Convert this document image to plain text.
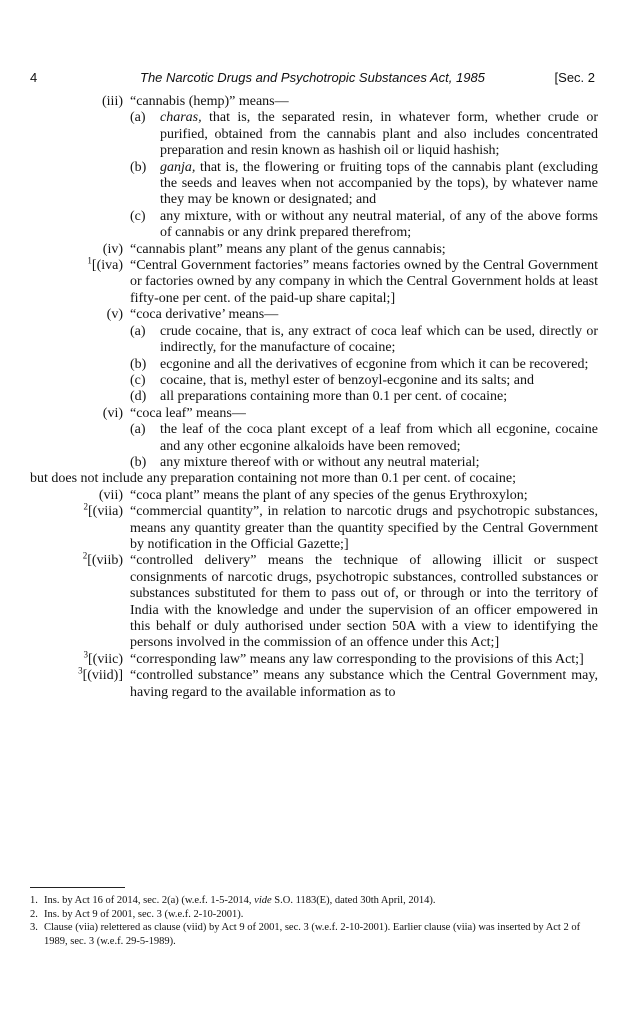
4	The Narcotic Drugs and Psychotropic Substances Act, 1985	[Sec. 2
(iii) “cannabis (hemp)” means—
(a)	charas, that is, the separated resin, in whatever form, whether crude or purified, obtained from the cannabis plant and also includes concentrated preparation and resin known as hashish oil or liquid hashish;
(b) ganja, that is, the flowering or fruiting tops of the cannabis plant (excluding the seeds and leaves when not accompanied by the tops), by whatever name they may be known or designated; and
(c)	any mixture, with or without any neutral material, of any of the above forms of cannabis or any drink prepared therefrom;
(iv) “cannabis plant” means any plant of the genus cannabis;
$^1$[(iva) “Central Government factories” means factories owned by the Central Government or factories owned by any company in which the Central Government holds at least fifty-one per cent. of the paid-up share capital;]
(v) “coca derivative’ means—
(a)	crude cocaine, that is, any extract of coca leaf which can be used, directly or indirectly, for the manufacture of cocaine;
(b) ecgonine and all the derivatives of ecgonine from which it can be recovered;
(c)	cocaine, that is, methyl ester of benzoyl-ecgonine and its salts; and
(d) all preparations containing more than 0.1 per cent. of cocaine;
(vi) “coca leaf” means—
(a)	the leaf of the coca plant except of a leaf from which all ecgonine, cocaine and any other ecgonine alkaloids have been removed;
(b) any mixture thereof with or without any neutral material;
but does not include any preparation containing not more than 0.1 per cent. of cocaine;
(vii) “coca plant” means the plant of any species of the genus Erythroxylon;
$^2$[(viia) “commercial quantity”, in relation to narcotic drugs and psychotropic substances, means any quantity greater than the quantity specified by the Central Government by notification in the Official Gazette;]
$^2$[(viib) “controlled delivery” means the technique of allowing illicit or suspect consignments of narcotic drugs, psychotropic substances, controlled substances or substances substituted for them to pass out of, or through or into the territory of India with the knowledge and under the supervision of an officer empowered in this behalf or duly authorised under section 50A with a view to identifying the persons involved in the commission of an offence under this Act;]
$^3$[(viic) “corresponding law” means any law corresponding to the provisions of this Act;]
$^3$[(viid)] “controlled substance” means any substance which the Central Government may, having regard to the available information as to
1. Ins. by Act 16 of 2014, sec. 2(a) (w.e.f. 1-5-2014, vide S.O. 1183(E), dated 30th April, 2014).
2. Ins. by Act 9 of 2001, sec. 3 (w.e.f. 2-10-2001).
3. Clause (viia) relettered as clause (viid) by Act 9 of 2001, sec. 3 (w.e.f. 2-10-2001). Earlier clause (viia) was inserted by Act 2 of 1989, sec. 3 (w.e.f. 29-5-1989).
